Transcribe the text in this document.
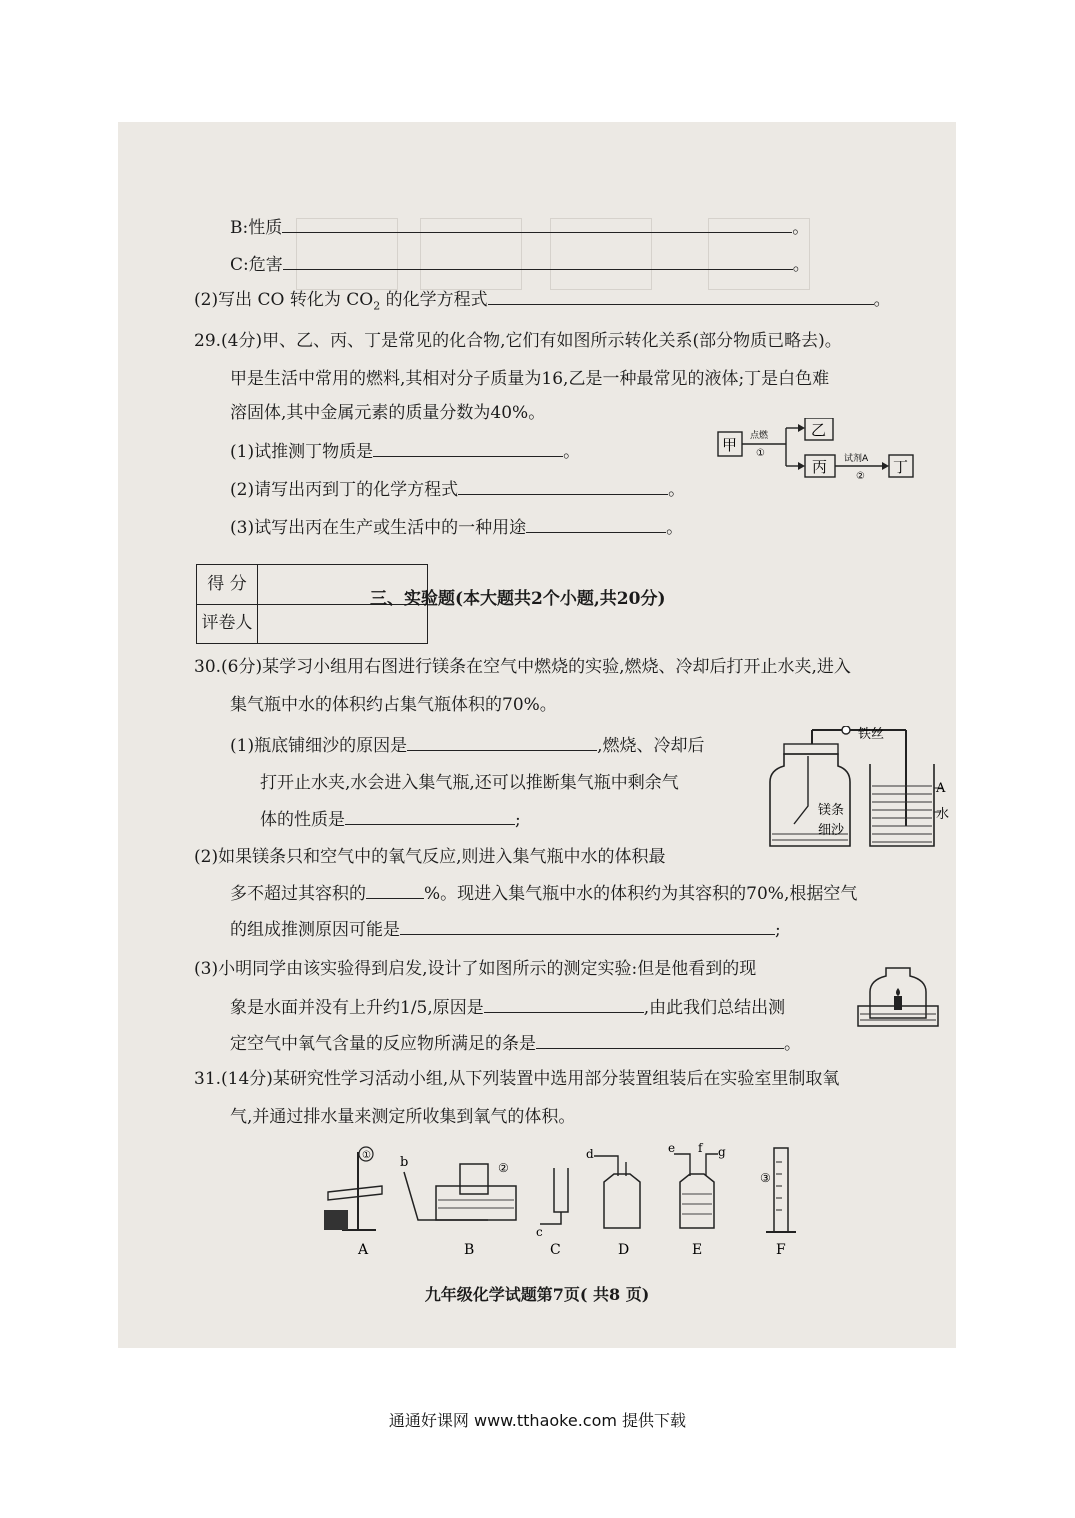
B:性质	。
C:危害	。
(2)写出 CO 转化为 $CO_2$ 的化学方程式	。
29.(4分)甲、乙、丙、丁是常见的化合物,它们有如图所示转化关系(部分物质已略去)。
甲是生活中常用的燃料,其相对分子质量为16,乙是一种最常见的液体;丁是白色难
溶固体,其中金属元素的质量分数为40%。
(1)试推测丁物质是	。
(2)请写出丙到丁的化学方程式	。
(3)试写出丙在生产或生活中的一种用途	。
甲 点燃
①
乙
丙 试剂A
②
丁
得 分
评卷人
三、实验题(本大题共2个小题,共20分)
30.(6分)某学习小组用右图进行镁条在空气中燃烧的实验,燃烧、冷却后打开止水夹,进入
集气瓶中水的体积约占集气瓶体积的70%。
(1)瓶底铺细沙的原因是	,燃烧、冷却后
打开止水夹,水会进入集气瓶,还可以推断集气瓶中剩余气
体的性质是	;
(2)如果镁条只和空气中的氧气反应,则进入集气瓶中水的体积最
多不超过其容积的	%。现进入集气瓶中水的体积约为其容积的70%,根据空气
的组成推测原因可能是	;
(3)小明同学由该实验得到启发,设计了如图所示的测定实验:但是他看到的现
象是水面并没有上升约1/5,原因是	,由此我们总结出测
定空气中氧气含量的反应物所满足的条是	。
铁丝
镁条
细沙
A
水
31.(14分)某研究性学习活动小组,从下列装置中选用部分装置组装后在实验室里制取氧
气,并通过排水量来测定所收集到氧气的体积。
① b	②
c
d	e f g
③
A	B	C	D	E	F
九年级化学试题第7页( 共8 页)
通通好课网 www.tthaoke.com 提供下载
